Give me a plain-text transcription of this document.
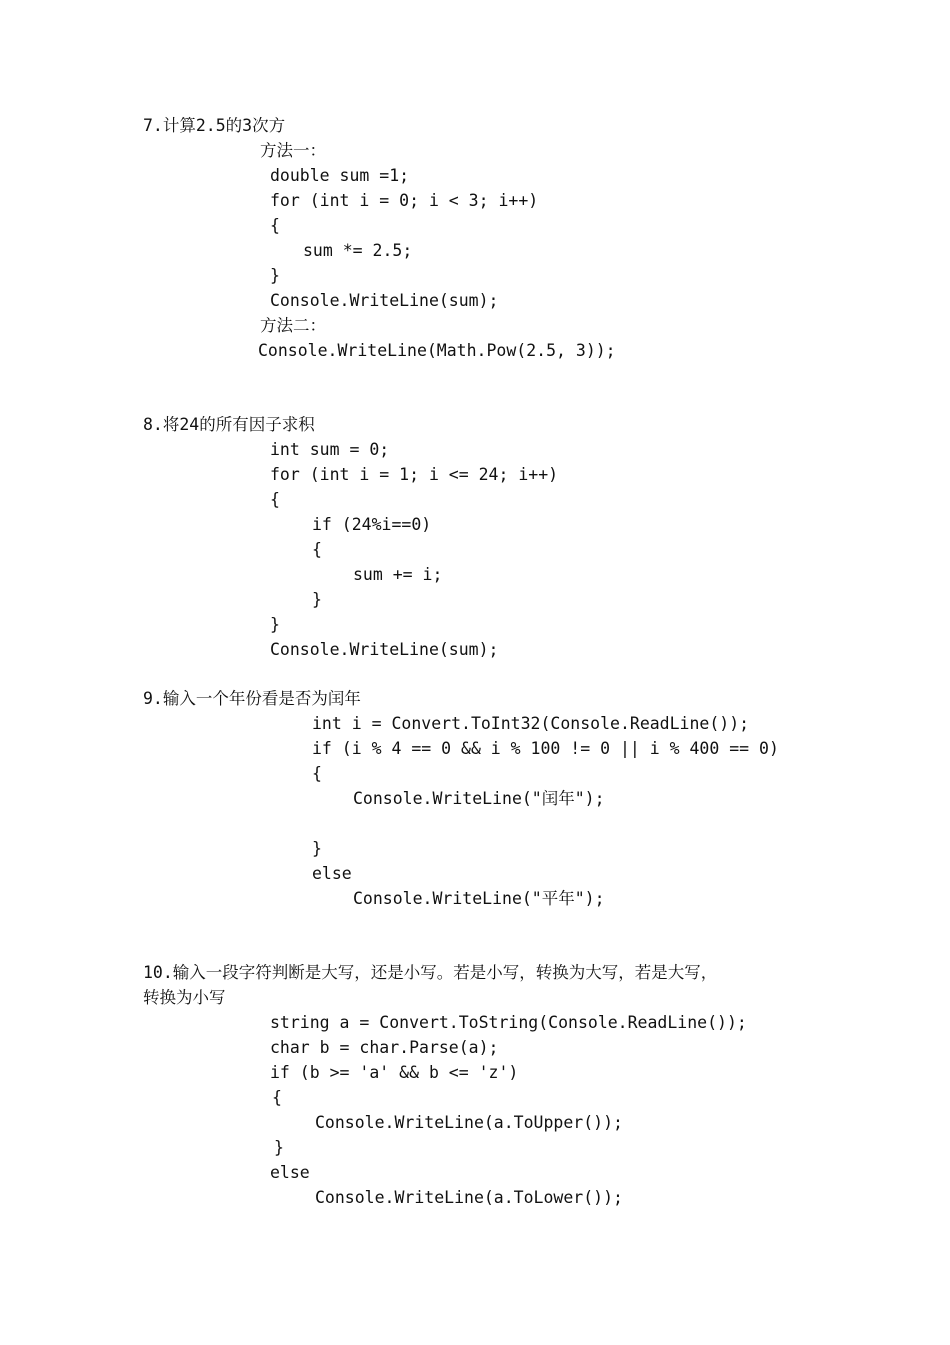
7.计算2.5的3次方
方法一：
double sum =1;
for (int i = 0; i < 3; i++)
{
sum *= 2.5;
}
Console.WriteLine(sum);
方法二：
Console.WriteLine(Math.Pow(2.5, 3));
8.将24的所有因子求积
int sum = 0;
for (int i = 1; i <= 24; i++)
{
if (24%i==0)
{
sum += i;
}
}
Console.WriteLine(sum);
9.输入一个年份看是否为闰年
int i = Convert.ToInt32(Console.ReadLine());
if (i % 4 == 0 && i % 100 != 0 || i % 400 == 0)
{
Console.WriteLine("闰年");
}
else
Console.WriteLine("平年");
10.输入一段字符判断是大写，还是小写。若是小写，转换为大写，若是大写，
转换为小写
string a = Convert.ToString(Console.ReadLine());
char b = char.Parse(a);
if (b >= 'a' && b <= 'z')
{
Console.WriteLine(a.ToUpper());
}
else
Console.WriteLine(a.ToLower());
